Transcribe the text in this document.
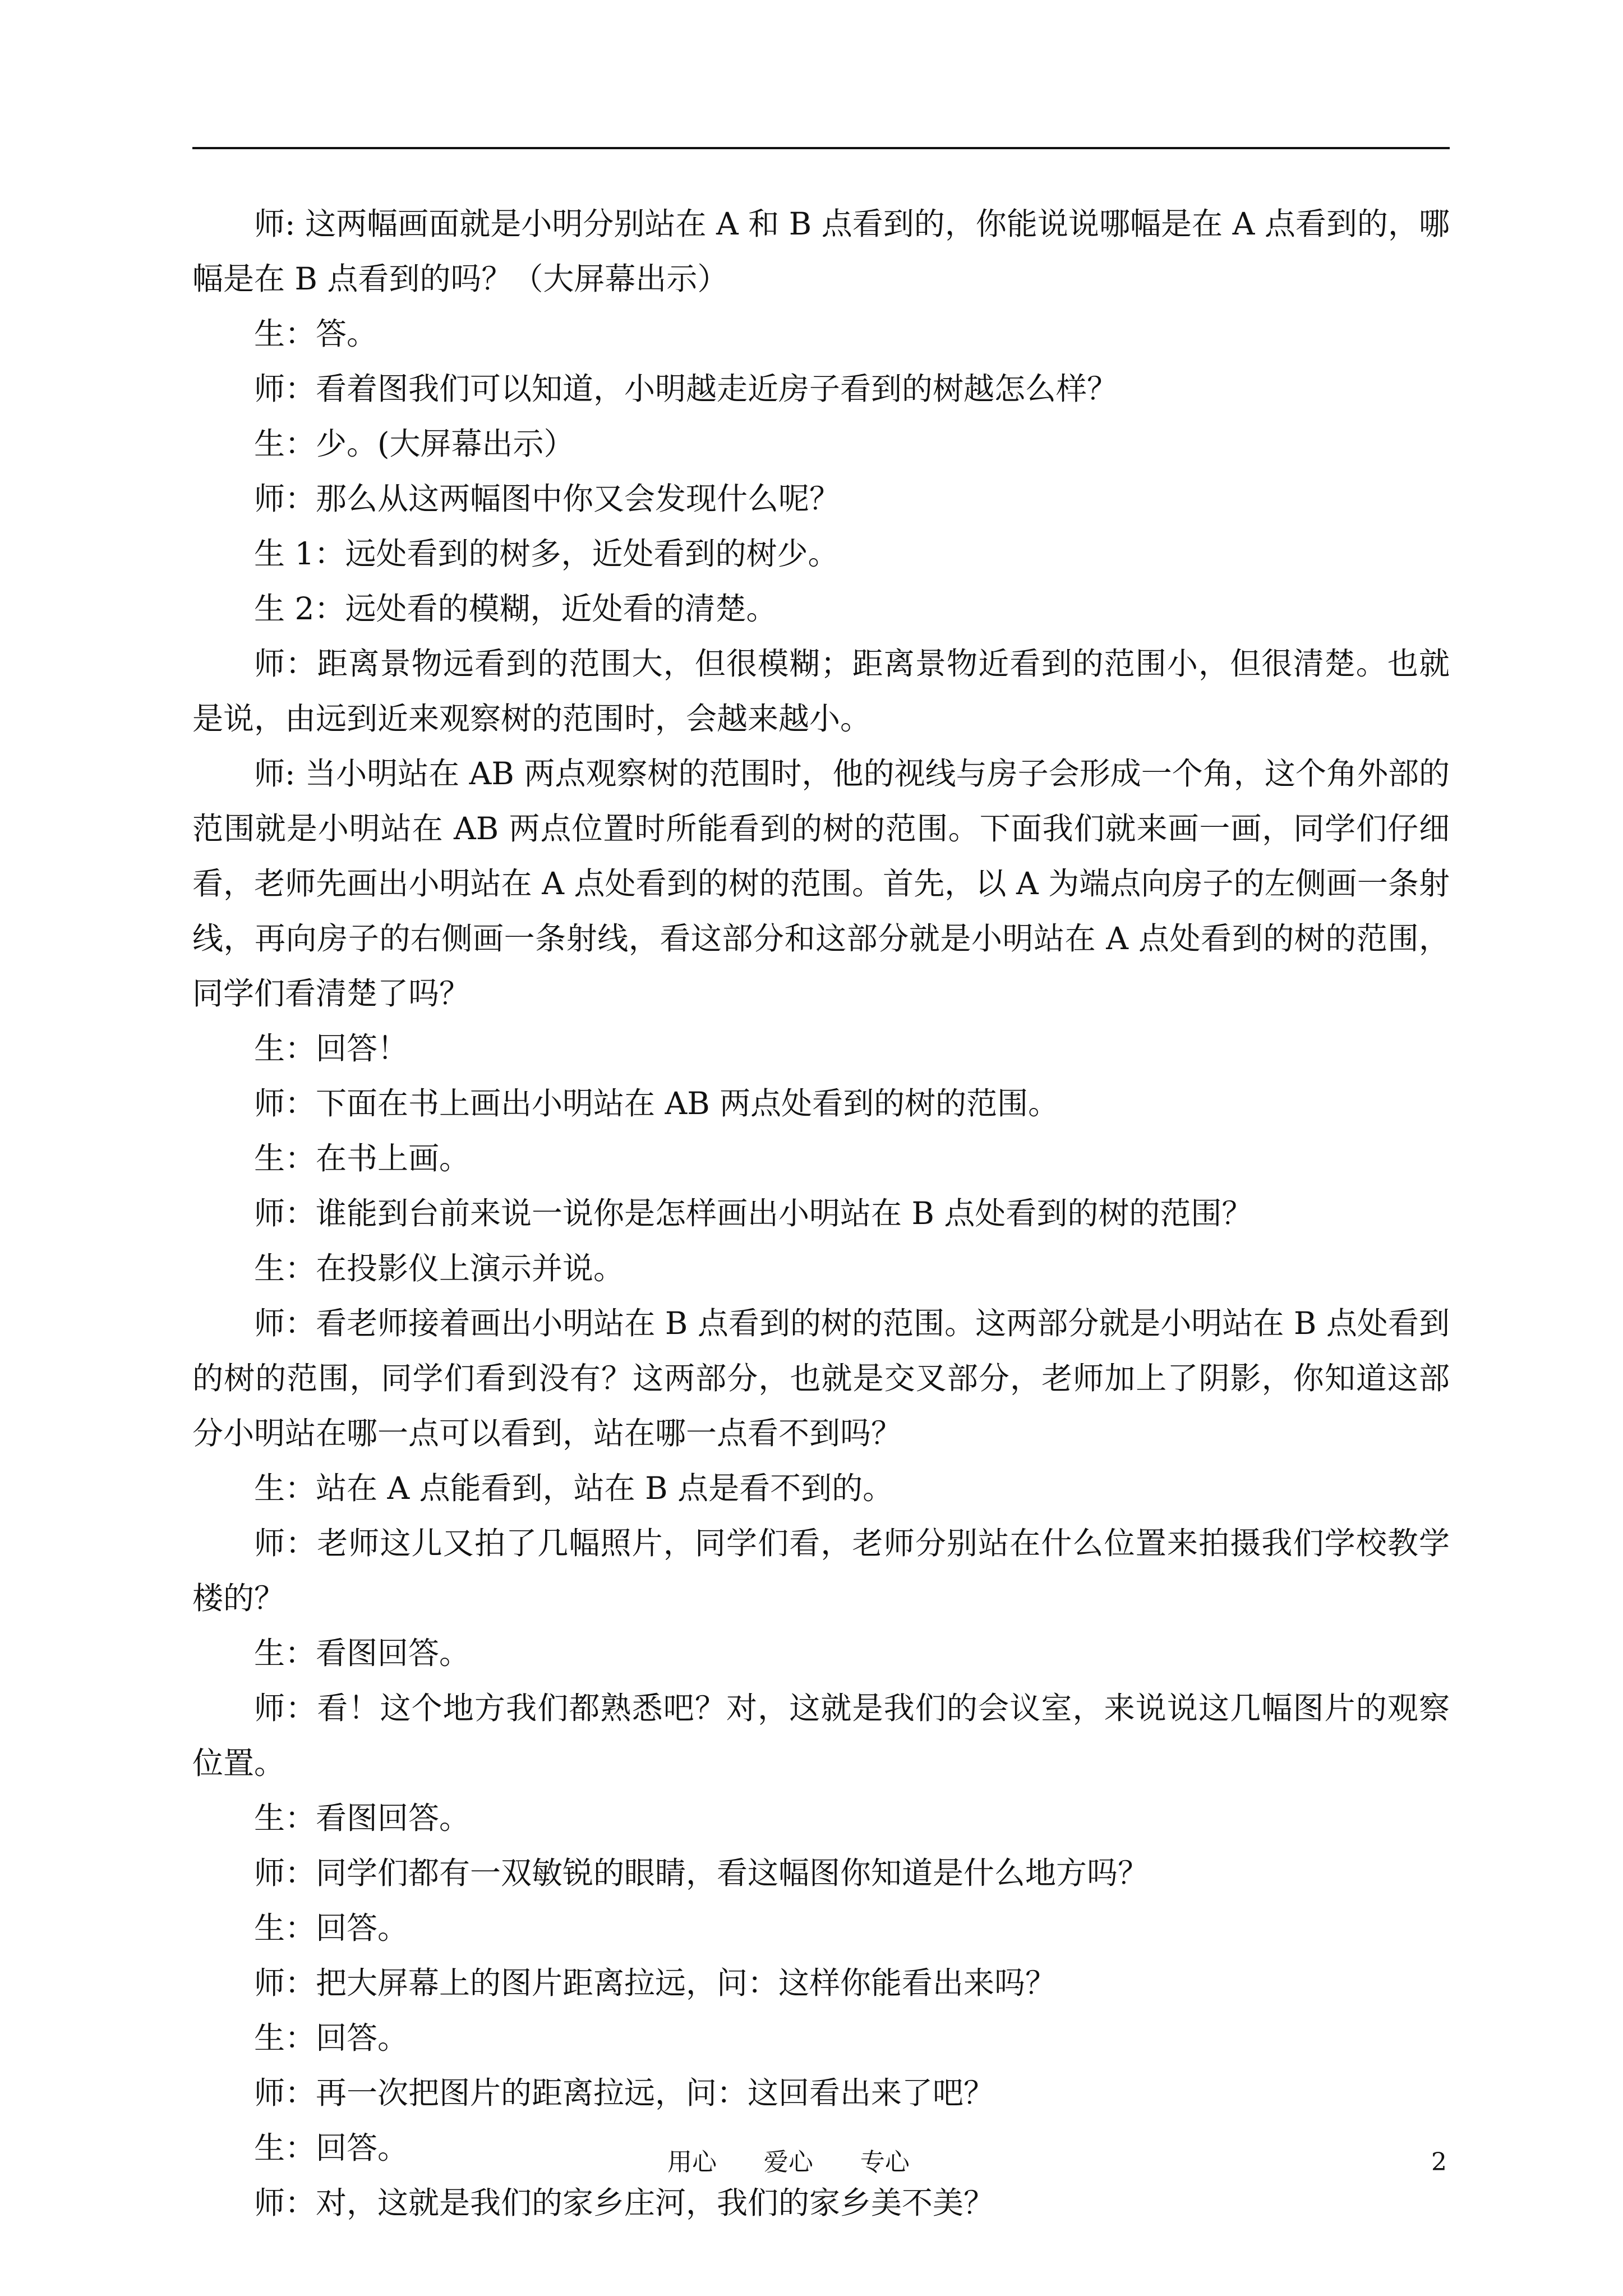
师: 这两幅画面就是小明分别站在 A 和 B 点看到的，你能说说哪幅是在 A 点看到的，哪幅是在 B 点看到的吗？（大屏幕出示）

生：答。

师：看着图我们可以知道，小明越走近房子看到的树越怎么样？

生：少。(大屏幕出示）

师：那么从这两幅图中你又会发现什么呢？

生 1：远处看到的树多，近处看到的树少。

生 2：远处看的模糊，近处看的清楚。

师：距离景物远看到的范围大，但很模糊；距离景物近看到的范围小，但很清楚。也就是说，由远到近来观察树的范围时，会越来越小。

师: 当小明站在 AB 两点观察树的范围时，他的视线与房子会形成一个角，这个角外部的范围就是小明站在 AB 两点位置时所能看到的树的范围。下面我们就来画一画，同学们仔细看，老师先画出小明站在 A 点处看到的树的范围。首先，以 A 为端点向房子的左侧画一条射线，再向房子的右侧画一条射线，看这部分和这部分就是小明站在 A 点处看到的树的范围，同学们看清楚了吗？

生：回答！

师：下面在书上画出小明站在 AB 两点处看到的树的范围。

生：在书上画。

师：谁能到台前来说一说你是怎样画出小明站在 B 点处看到的树的范围？

生：在投影仪上演示并说。

师：看老师接着画出小明站在 B 点看到的树的范围。这两部分就是小明站在 B 点处看到的树的范围，同学们看到没有？这两部分，也就是交叉部分，老师加上了阴影，你知道这部分小明站在哪一点可以看到，站在哪一点看不到吗？

生：站在 A 点能看到，站在 B 点是看不到的。

师：老师这儿又拍了几幅照片，同学们看，老师分别站在什么位置来拍摄我们学校教学楼的？

生：看图回答。

师：看！这个地方我们都熟悉吧？对，这就是我们的会议室，来说说这几幅图片的观察位置。

生：看图回答。

师：同学们都有一双敏锐的眼睛，看这幅图你知道是什么地方吗？

生：回答。

师：把大屏幕上的图片距离拉远，问：这样你能看出来吗？

生：回答。

师：再一次把图片的距离拉远，问：这回看出来了吧？

生：回答。

师：对，这就是我们的家乡庄河，我们的家乡美不美？

用心      爱心      专心	2
